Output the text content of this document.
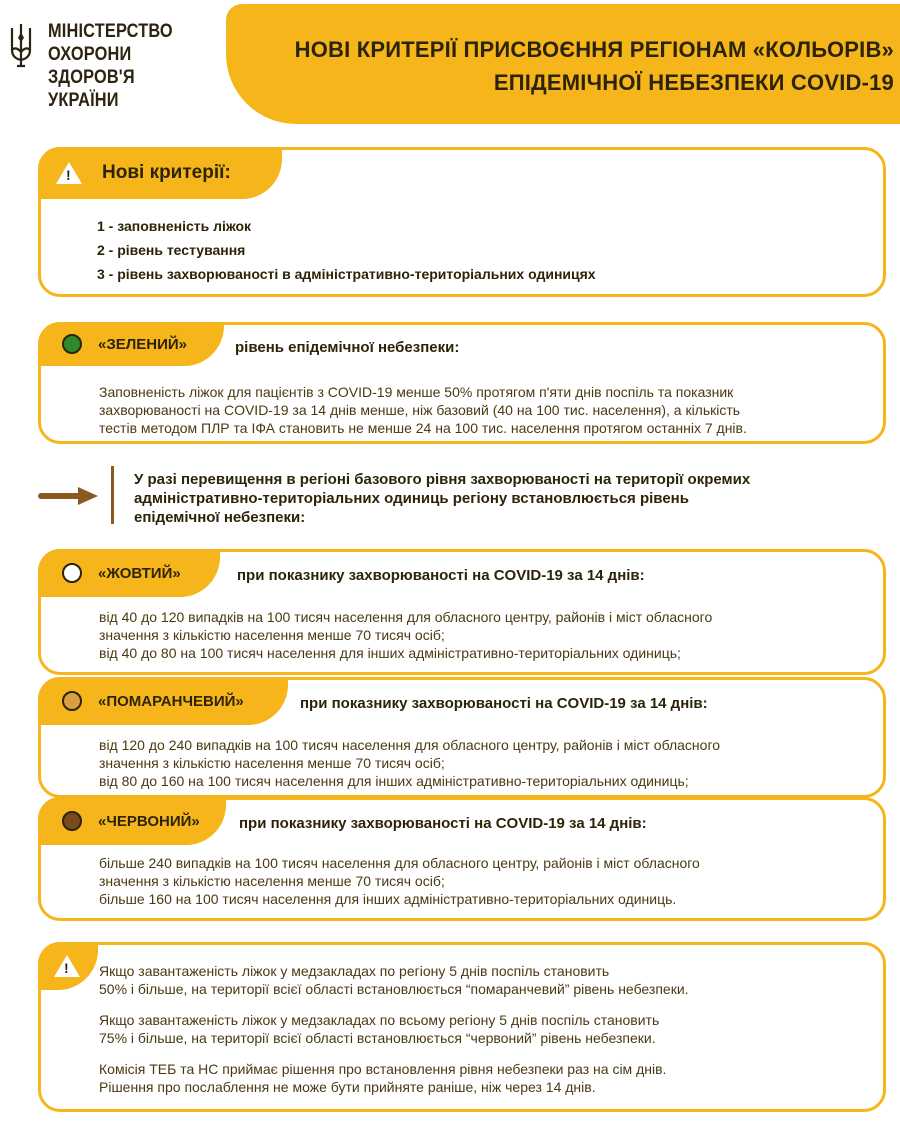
МІНІСТЕРСТВО
ОХОРОНИ
ЗДОРОВ'Я
УКРАЇНИ
НОВІ КРИТЕРІЇ ПРИСВОЄННЯ РЕГІОНАМ «КОЛЬОРІВ»
ЕПІДЕМІЧНОЇ НЕБЕЗПЕКИ COVID-19
! Нові критерії:
1 - заповненість ліжок
2 - рівень тестування
3 - рівень захворюваності в адміністративно-територіальних одиницях
«ЗЕЛЕНИЙ»	рівень епідемічної небезпеки:
Заповненість ліжок для пацієнтів з COVID-19 менше 50% протягом п'яти днів поспіль та показник
захворюваності на COVID-19 за 14 днів менше, ніж базовий (40 на 100 тис. населення), а кількість
тестів методом ПЛР та ІФА становить не менше 24 на 100 тис. населення протягом останніх 7 днів.
У разі перевищення в регіоні базового рівня захворюваності на території окремих
адміністративно-територіальних одиниць регіону встановлюється рівень
епідемічної небезпеки:
«ЖОВТИЙ»	при показнику захворюваності на COVID-19 за 14 днів:
від 40 до 120 випадків на 100 тисяч населення для обласного центру, районів і міст обласного
значення з кількістю населення менше 70 тисяч осіб;
від 40 до 80 на 100 тисяч населення для інших адміністративно-територіальних одиниць;
«ПОМАРАНЧЕВИЙ»	при показнику захворюваності на COVID-19 за 14 днів:
від 120 до 240 випадків на 100 тисяч населення для обласного центру, районів і міст обласного
значення з кількістю населення менше 70 тисяч осіб;
від 80 до 160 на 100 тисяч населення для інших адміністративно-територіальних одиниць;
«ЧЕРВОНИЙ»	при показнику захворюваності на COVID-19 за 14 днів:
більше 240 випадків на 100 тисяч населення для обласного центру, районів і міст обласного
значення з кількістю населення менше 70 тисяч осіб;
більше 160 на 100 тисяч населення для інших адміністративно-територіальних одиниць.
! Якщо завантаженість ліжок у медзакладах по регіону 5 днів поспіль становить
50% і більше, на території всієї області встановлюється “помаранчевий” рівень небезпеки.
Якщо завантаженість ліжок у медзакладах по всьому регіону 5 днів поспіль становить
75% і більше, на території всієї області встановлюється “червоний” рівень небезпеки.
Комісія ТЕБ та НС приймає рішення про встановлення рівня небезпеки раз на сім днів.
Рішення про послаблення не може бути прийняте раніше, ніж через 14 днів.
